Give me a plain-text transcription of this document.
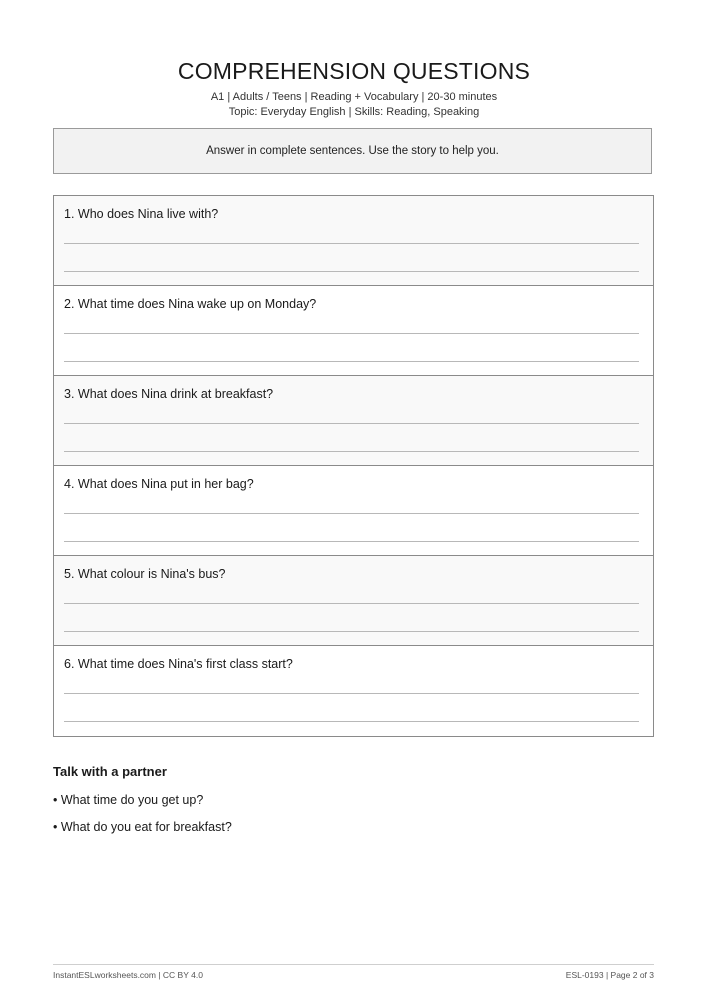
COMPREHENSION QUESTIONS
A1 | Adults / Teens | Reading + Vocabulary | 20-30 minutes
Topic: Everyday English | Skills: Reading, Speaking
Answer in complete sentences. Use the story to help you.
1. Who does Nina live with?
2. What time does Nina wake up on Monday?
3. What does Nina drink at breakfast?
4. What does Nina put in her bag?
5. What colour is Nina's bus?
6. What time does Nina's first class start?
Talk with a partner
• What time do you get up?
• What do you eat for breakfast?
InstantESLworksheets.com | CC BY 4.0	ESL-0193 | Page 2 of 3
